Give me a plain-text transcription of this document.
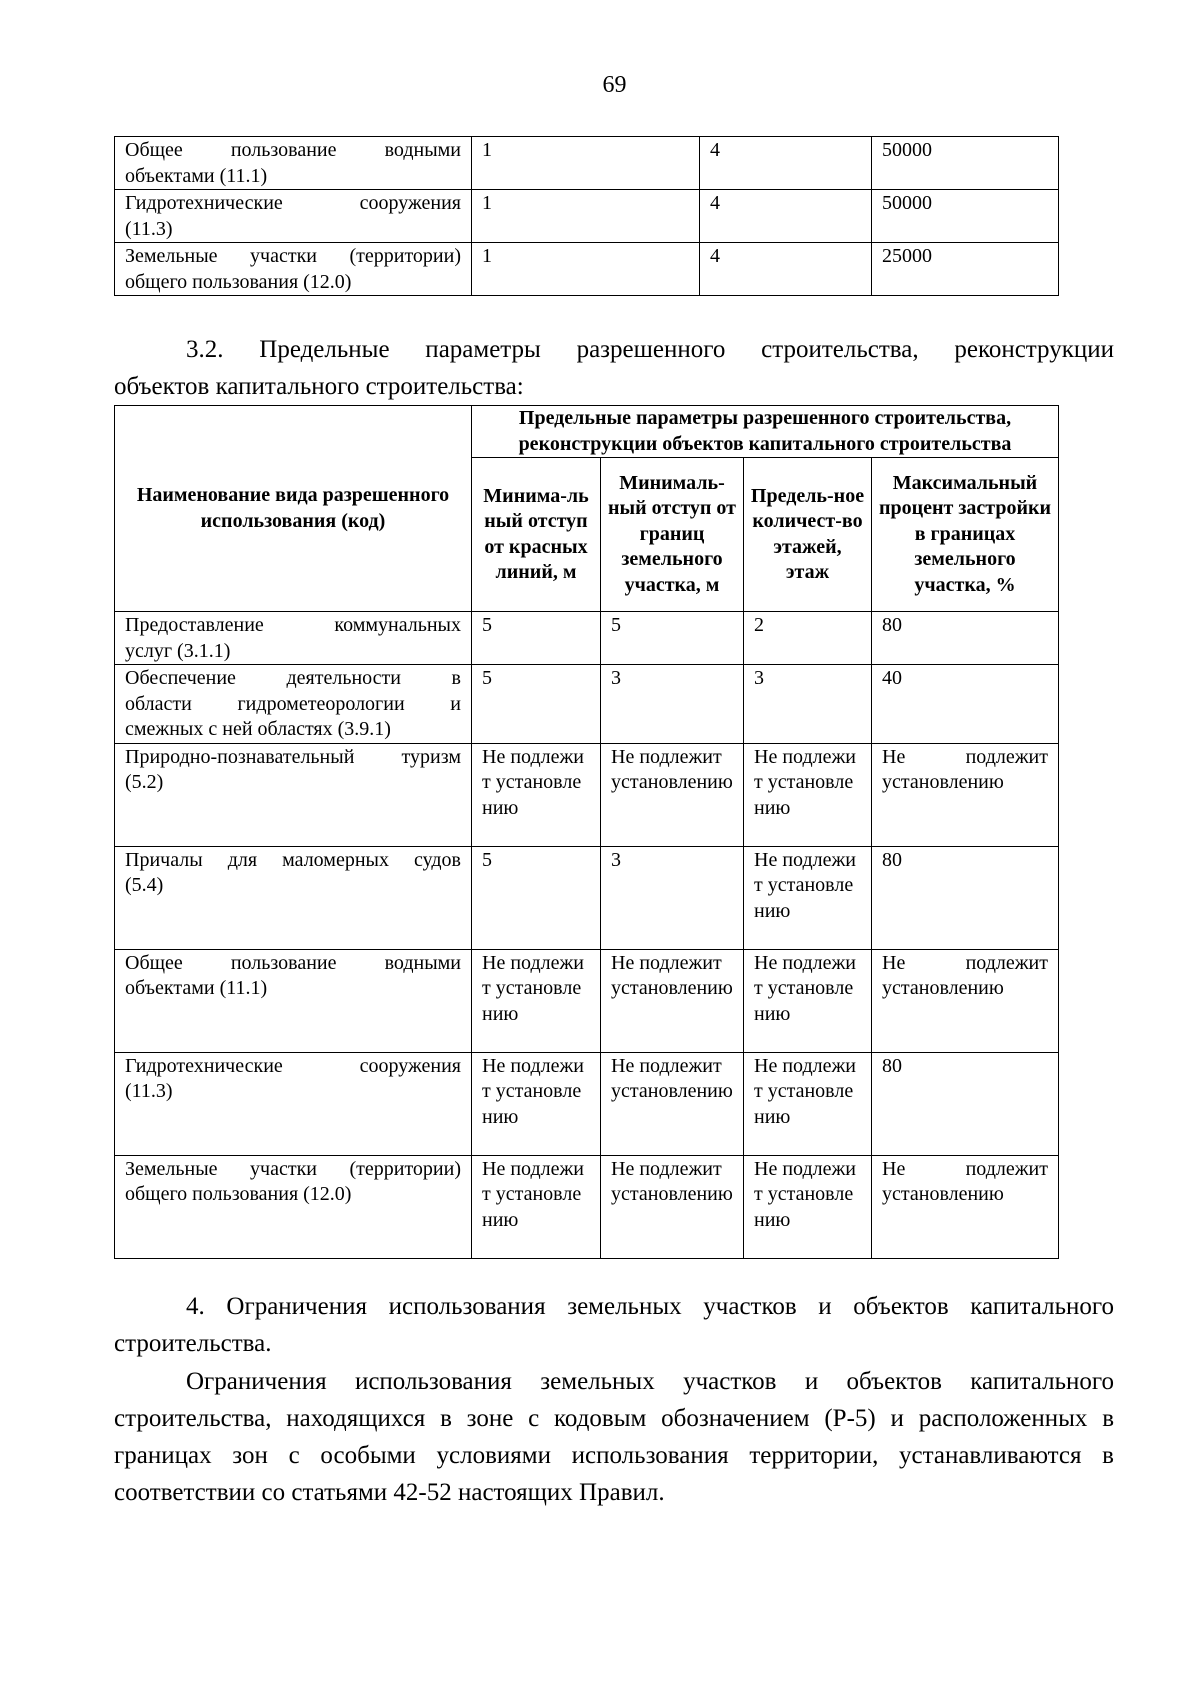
69
Общее пользование водными
объектами (11.1)	1	4	50000

Гидротехнические сооружения
(11.3)	1	4	50000

Земельные участки (территории)
общего пользования (12.0)	1	4	25000
3.2. Предельные параметры разрешенного строительства, реконструкции
объектов капитального строительства:
Наименование вида разрешенного использования (код)	Предельные параметры разрешенного строительства, реконструкции объектов капитального строительства			
	Минима-льный отступ от красных линий, м	Минималь-ный отступ от границ земельного участка, м	Предель-ное количест-во этажей, этаж	Максимальный процент застройки в границах земельного участка, %

Предоставление коммунальных
услуг (3.1.1)	5	5	2	80

Обеспечение деятельности в
области гидрометеорологии и
смежных с ней областях (3.9.1)	5	3	3	40

Природно-познавательный туризм
(5.2)	Не подлежит установлению	Не подлежит установлению	Не подлежит установлению	Не подлежит установлению

Причалы для маломерных судов
(5.4)	5	3	Не подлежит установлению	80

Общее пользование водными
объектами (11.1)	Не подлежит установлению	Не подлежит установлению	Не подлежит установлению	Не подлежит установлению

Гидротехнические сооружения
(11.3)	Не подлежит установлению	Не подлежит установлению	Не подлежит установлению	80

Земельные участки (территории)
общего пользования (12.0)	Не подлежит установлению	Не подлежит установлению	Не подлежит установлению	Не подлежит установлению
4. Ограничения использования земельных участков и объектов капитального строительства.
Ограничения использования земельных участков и объектов капитального строительства, находящихся в зоне с кодовым обозначением (Р-5) и расположенных в границах зон с особыми условиями использования территории, устанавливаются в соответствии со статьями 42-52 настоящих Правил.
